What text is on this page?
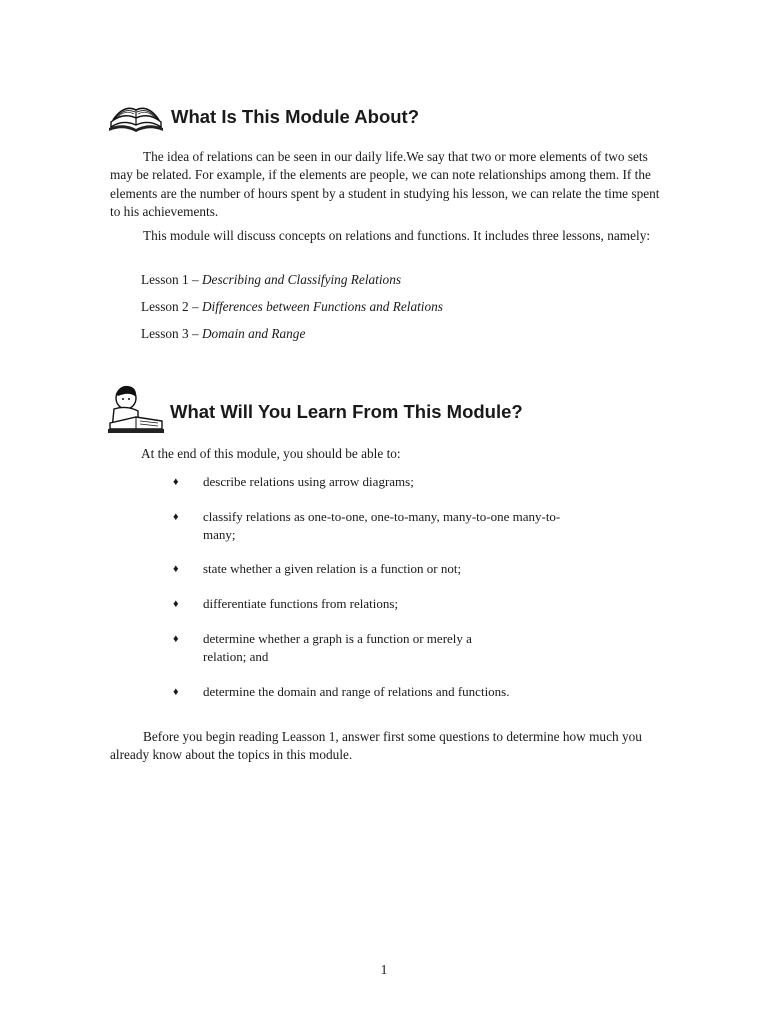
What Is This Module About?
The idea of relations can be seen in our daily life.We say that two or more elements of two sets may be related. For example, if the elements are people, we can note relationships among them. If the elements are the number of hours spent by a student in studying his lesson, we can relate the time spent to his achievements.
This module will discuss concepts on relations and functions. It includes three lessons, namely:
Lesson 1 – Describing and Classifying Relations
Lesson 2 – Differences between Functions and Relations
Lesson 3 – Domain and Range
What Will You Learn From This Module?
At the end of this module, you should be able to:
♦ describe relations using arrow diagrams;
♦ classify relations as one-to-one, one-to-many, many-to-one many-to-many;
♦ state whether a given relation is a function or not;
♦ differentiate functions from relations;
♦ determine whether a graph is a function or merely a relation; and
♦ determine the domain and range of relations and functions.
Before you begin reading Leasson 1, answer first some questions to determine how much you already know about the topics in this module.
1
